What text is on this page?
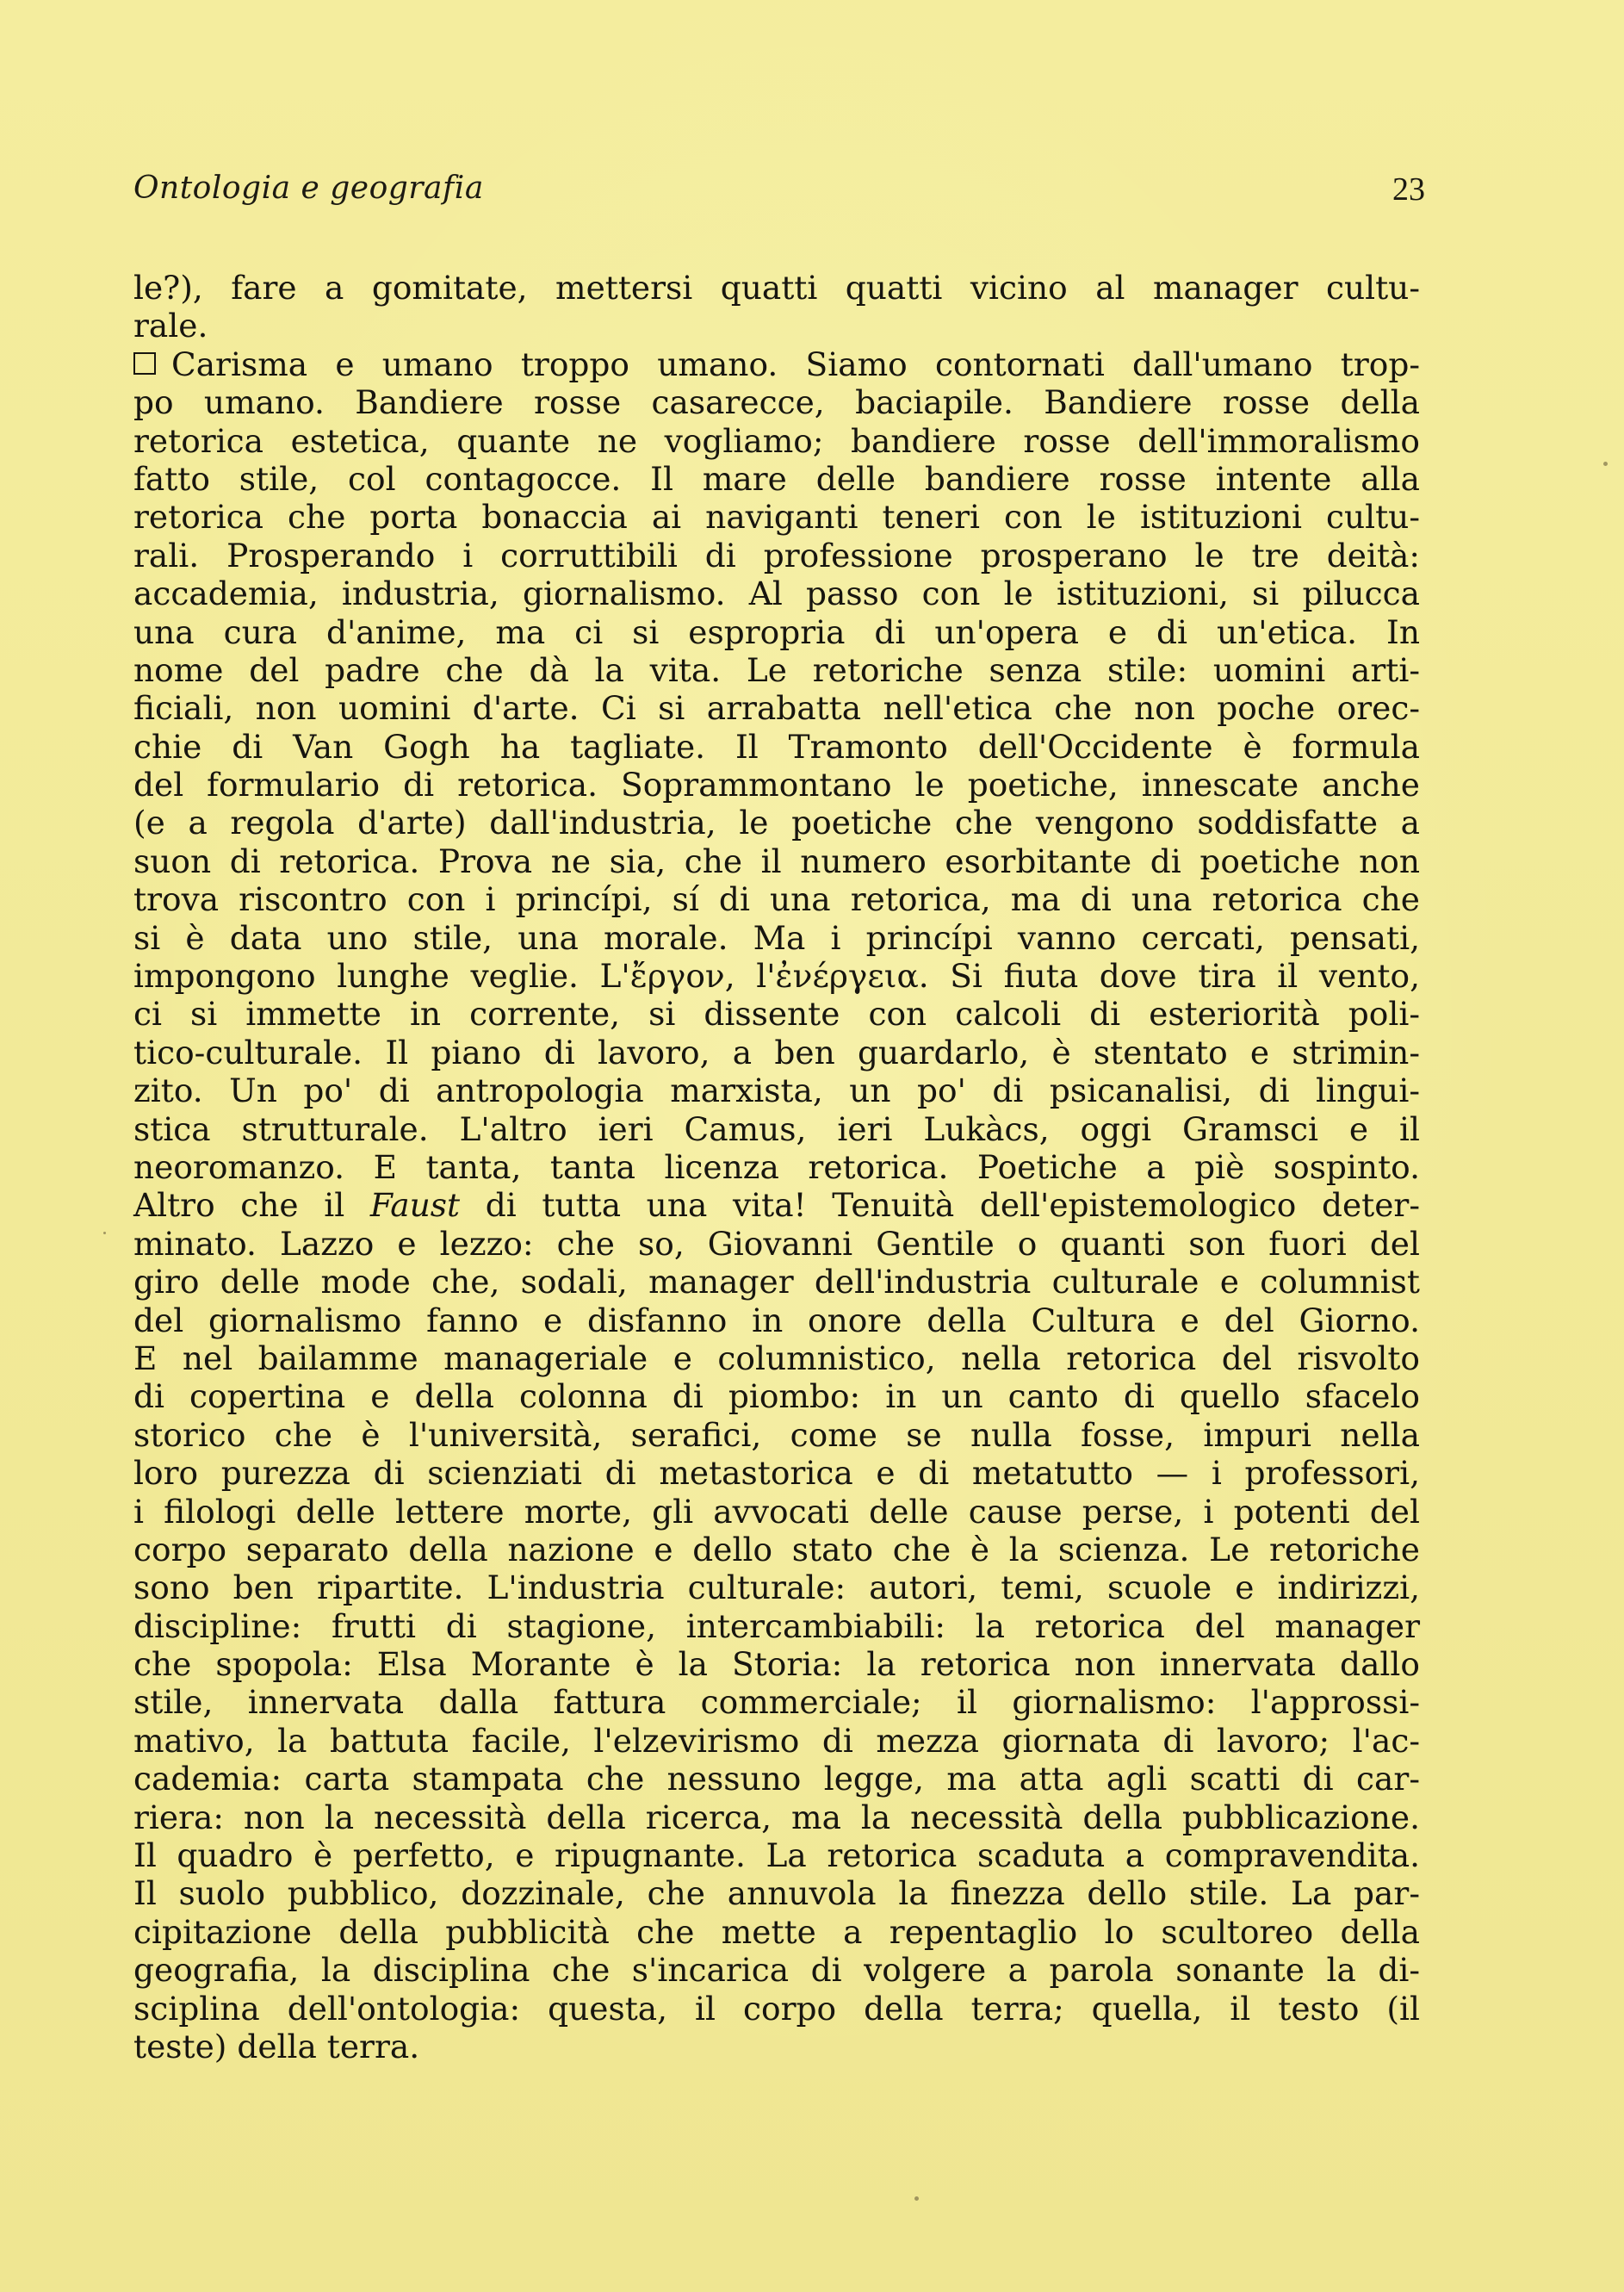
Ontologia e geografia	23
le?), fare a gomitate, mettersi quatti quatti vicino al manager cultu-
rale.
Carisma e umano troppo umano. Siamo contornati dall'umano trop-
po umano. Bandiere rosse casarecce, baciapile. Bandiere rosse della
retorica estetica, quante ne vogliamo; bandiere rosse dell'immoralismo
fatto stile, col contagocce. Il mare delle bandiere rosse intente alla
retorica che porta bonaccia ai naviganti teneri con le istituzioni cultu-
rali. Prosperando i corruttibili di professione prosperano le tre deità:
accademia, industria, giornalismo. Al passo con le istituzioni, si pilucca
una cura d'anime, ma ci si espropria di un'opera e di un'etica. In
nome del padre che dà la vita. Le retoriche senza stile: uomini arti-
ficiali, non uomini d'arte. Ci si arrabatta nell'etica che non poche orec-
chie di Van Gogh ha tagliate. Il Tramonto dell'Occidente è formula
del formulario di retorica. Soprammontano le poetiche, innescate anche
(e a regola d'arte) dall'industria, le poetiche che vengono soddisfatte a
suon di retorica. Prova ne sia, che il numero esorbitante di poetiche non
trova riscontro con i princípi, sí di una retorica, ma di una retorica che
si è data uno stile, una morale. Ma i princípi vanno cercati, pensati,
impongono lunghe veglie. L'ἔργον, l'ἐνέργεια. Si fiuta dove tira il vento,
ci si immette in corrente, si dissente con calcoli di esteriorità poli-
tico-culturale. Il piano di lavoro, a ben guardarlo, è stentato e strimin-
zito. Un po' di antropologia marxista, un po' di psicanalisi, di lingui-
stica strutturale. L'altro ieri Camus, ieri Lukàcs, oggi Gramsci e il
neoromanzo. E tanta, tanta licenza retorica. Poetiche a piè sospinto.
Altro che il Faust di tutta una vita! Tenuità dell'epistemologico deter-
minato. Lazzo e lezzo: che so, Giovanni Gentile o quanti son fuori del
giro delle mode che, sodali, manager dell'industria culturale e columnist
del giornalismo fanno e disfanno in onore della Cultura e del Giorno.
E nel bailamme manageriale e columnistico, nella retorica del risvolto
di copertina e della colonna di piombo: in un canto di quello sfacelo
storico che è l'università, serafici, come se nulla fosse, impuri nella
loro purezza di scienziati di metastorica e di metatutto — i professori,
i filologi delle lettere morte, gli avvocati delle cause perse, i potenti del
corpo separato della nazione e dello stato che è la scienza. Le retoriche
sono ben ripartite. L'industria culturale: autori, temi, scuole e indirizzi,
discipline: frutti di stagione, intercambiabili: la retorica del manager
che spopola: Elsa Morante è la Storia: la retorica non innervata dallo
stile, innervata dalla fattura commerciale; il giornalismo: l'approssi-
mativo, la battuta facile, l'elzevirismo di mezza giornata di lavoro; l'ac-
cademia: carta stampata che nessuno legge, ma atta agli scatti di car-
riera: non la necessità della ricerca, ma la necessità della pubblicazione.
Il quadro è perfetto, e ripugnante. La retorica scaduta a compravendita.
Il suolo pubblico, dozzinale, che annuvola la finezza dello stile. La par-
cipitazione della pubblicità che mette a repentaglio lo scultoreo della
geografia, la disciplina che s'incarica di volgere a parola sonante la di-
sciplina dell'ontologia: questa, il corpo della terra; quella, il testo (il
teste) della terra.
